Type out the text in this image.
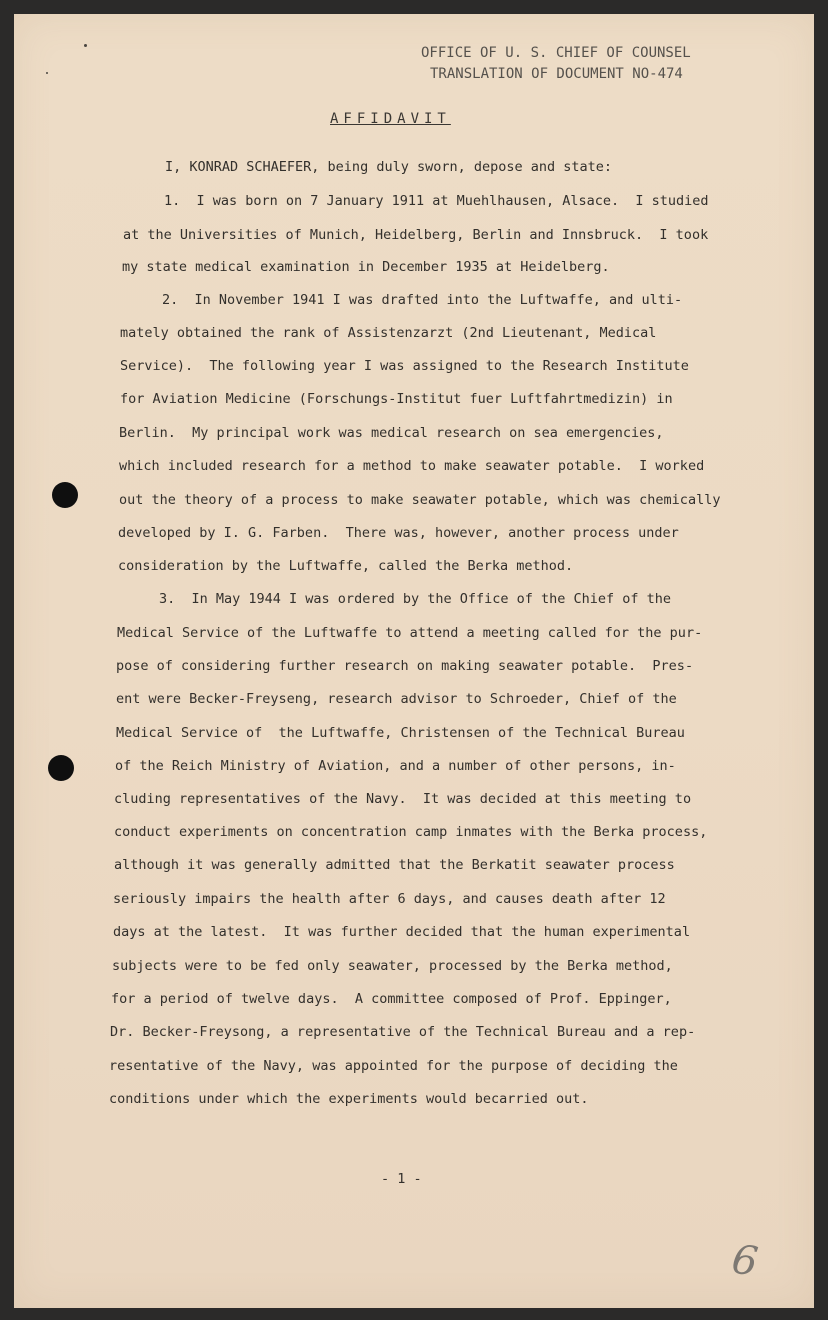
OFFICE OF U. S. CHIEF OF COUNSEL
TRANSLATION OF DOCUMENT NO-474
AFFIDAVIT
I, KONRAD SCHAEFER, being duly sworn, depose and state:
1.  I was born on 7 January 1911 at Muehlhausen, Alsace.  I studied
at the Universities of Munich, Heidelberg, Berlin and Innsbruck.  I took
my state medical examination in December 1935 at Heidelberg.
2.  In November 1941 I was drafted into the Luftwaffe, and ulti-
mately obtained the rank of Assistenzarzt (2nd Lieutenant, Medical
Service).  The following year I was assigned to the Research Institute
for Aviation Medicine (Forschungs-Institut fuer Luftfahrtmedizin) in
Berlin.  My principal work was medical research on sea emergencies,
which included research for a method to make seawater potable.  I worked
out the theory of a process to make seawater potable, which was chemically
developed by I. G. Farben.  There was, however, another process under
consideration by the Luftwaffe, called the Berka method.
3.  In May 1944 I was ordered by the Office of the Chief of the
Medical Service of the Luftwaffe to attend a meeting called for the pur-
pose of considering further research on making seawater potable.  Pres-
ent were Becker-Freyseng, research advisor to Schroeder, Chief of the
Medical Service of  the Luftwaffe, Christensen of the Technical Bureau
of the Reich Ministry of Aviation, and a number of other persons, in-
cluding representatives of the Navy.  It was decided at this meeting to
conduct experiments on concentration camp inmates with the Berka process,
although it was generally admitted that the Berkatit seawater process
seriously impairs the health after 6 days, and causes death after 12
days at the latest.  It was further decided that the human experimental
subjects were to be fed only seawater, processed by the Berka method,
for a period of twelve days.  A committee composed of Prof. Eppinger,
Dr. Becker-Freysong, a representative of the Technical Bureau and a rep-
resentative of the Navy, was appointed for the purpose of deciding the
conditions under which the experiments would becarried out.
- 1 -
6
